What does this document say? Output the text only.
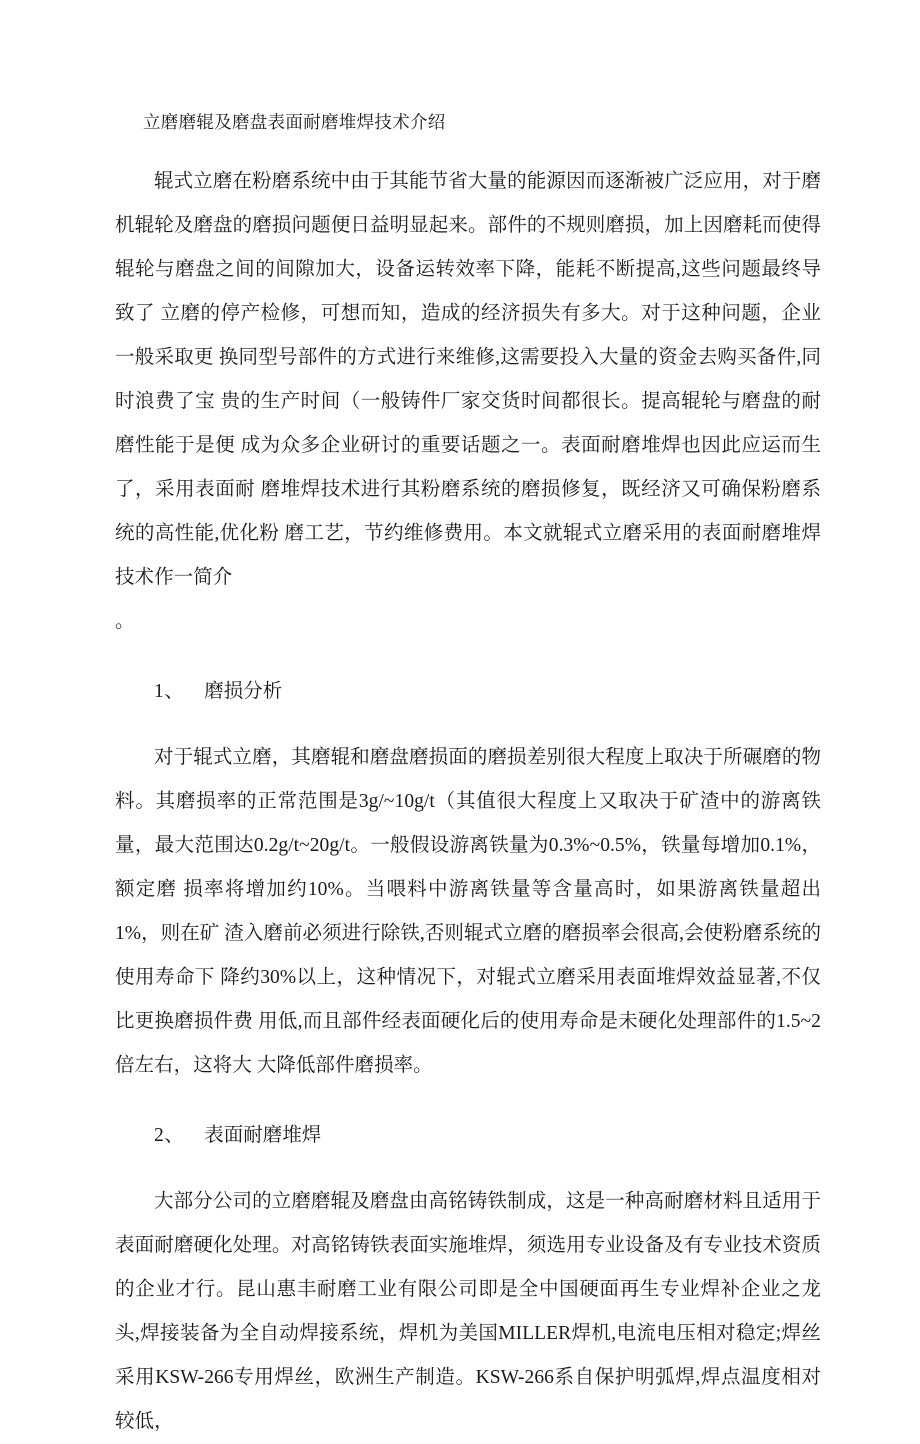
立磨磨辊及磨盘表面耐磨堆焊技术介绍

辊式立磨在粉磨系统中由于其能节省大量的能源因而逐渐被广泛应用，对于磨机辊轮及磨盘的磨损问题便日益明显起来。部件的不规则磨损，加上因磨耗而使得辊轮与磨盘之间的间隙加大，设备运转效率下降，能耗不断提高,这些问题最终导致了 立磨的停产检修，可想而知，造成的经济损失有多大。对于这种问题，企业一般采取更 换同型号部件的方式进行来维修,这需要投入大量的资金去购买备件,同时浪费了宝 贵的生产时间（一般铸件厂家交货时间都很长。提高辊轮与磨盘的耐磨性能于是便 成为众多企业研讨的重要话题之一。表面耐磨堆焊也因此应运而生了，采用表面耐 磨堆焊技术进行其粉磨系统的磨损修复，既经济又可确保粉磨系统的高性能,优化粉 磨工艺，节约维修费用。本文就辊式立磨采用的表面耐磨堆焊技术作一简介

。

1、 磨损分析

对于辊式立磨，其磨辊和磨盘磨损面的磨损差别很大程度上取决于所碾磨的物料。其磨损率的正常范围是3g/~10g/t（其值很大程度上又取决于矿渣中的游离铁量，最大范围达0.2g/t~20g/t。一般假设游离铁量为0.3%~0.5%，铁量每增加0.1%，额定磨 损率将增加约10%。当喂料中游离铁量等含量高时，如果游离铁量超出1%，则在矿 渣入磨前必须进行除铁,否则辊式立磨的磨损率会很高,会使粉磨系统的使用寿命下 降约30%以上，这种情况下，对辊式立磨采用表面堆焊效益显著,不仅比更换磨损件费 用低,而且部件经表面硬化后的使用寿命是未硬化处理部件的1.5~2倍左右，这将大 大降低部件磨损率。

2、 表面耐磨堆焊

大部分公司的立磨磨辊及磨盘由高铭铸铁制成，这是一种高耐磨材料且适用于表面耐磨硬化处理。对高铭铸铁表面实施堆焊，须选用专业设备及有专业技术资质的企业才行。昆山惠丰耐磨工业有限公司即是全中国硬面再生专业焊补企业之龙头,焊接装备为全自动焊接系统，焊机为美国MILLER焊机,电流电压相对稳定;焊丝采用KSW-266专用焊丝，欧洲生产制造。KSW-266系自保护明弧焊,焊点温度相对较低，
